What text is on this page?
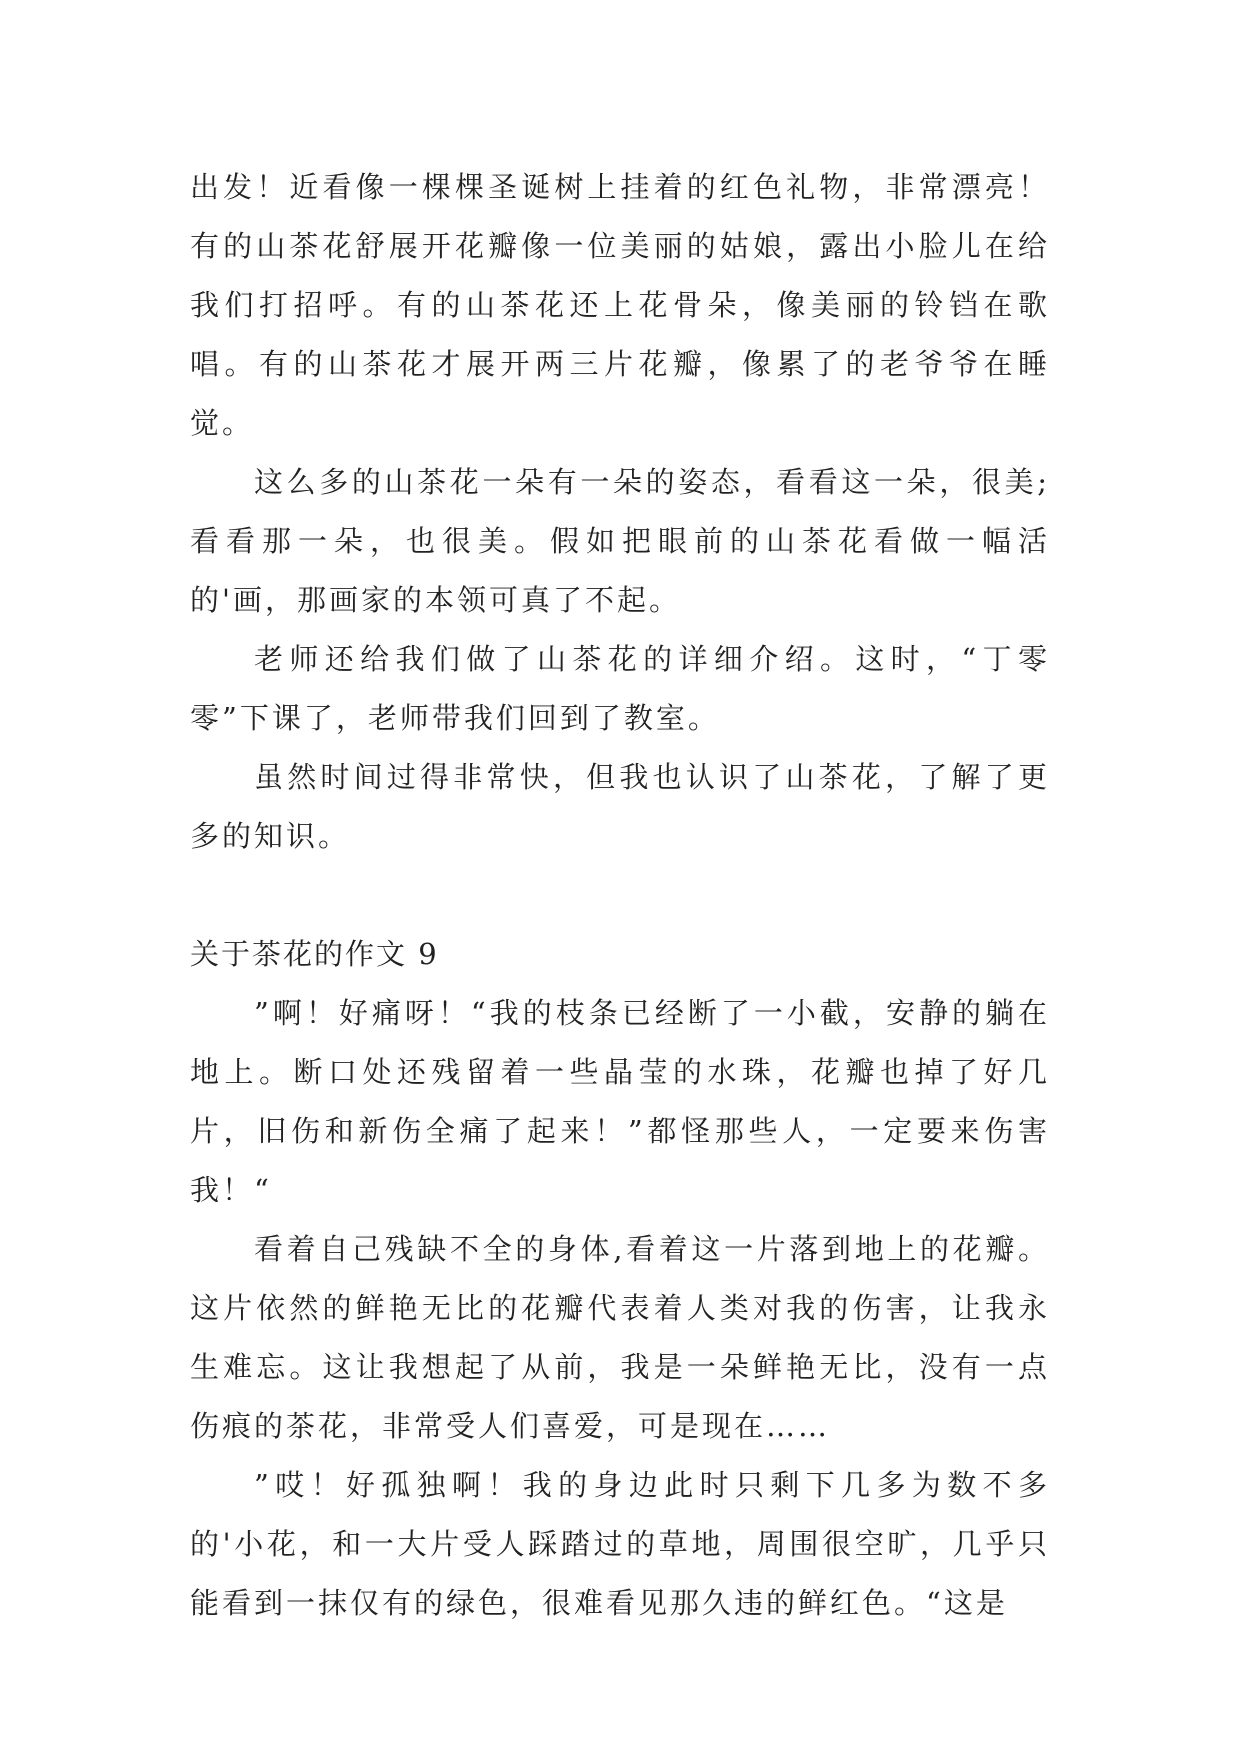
出发！近看像一棵棵圣诞树上挂着的红色礼物，非常漂亮！有的山茶花舒展开花瓣像一位美丽的姑娘，露出小脸儿在给我们打招呼。有的山茶花还上花骨朵，像美丽的铃铛在歌唱。有的山茶花才展开两三片花瓣，像累了的老爷爷在睡觉。

这么多的山茶花一朵有一朵的姿态，看看这一朵，很美;看看那一朵，也很美。假如把眼前的山茶花看做一幅活的'画，那画家的本领可真了不起。

老师还给我们做了山茶花的详细介绍。这时，“丁零零”下课了，老师带我们回到了教室。

虽然时间过得非常快，但我也认识了山茶花，了解了更多的知识。

关于茶花的作文 9

”啊！好痛呀！“我的枝条已经断了一小截，安静的躺在地上。断口处还残留着一些晶莹的水珠，花瓣也掉了好几片，旧伤和新伤全痛了起来！”都怪那些人，一定要来伤害我！“

看着自己残缺不全的身体,看着这一片落到地上的花瓣。这片依然的鲜艳无比的花瓣代表着人类对我的伤害，让我永生难忘。这让我想起了从前，我是一朵鲜艳无比，没有一点伤痕的茶花，非常受人们喜爱，可是现在……

”哎！好孤独啊！我的身边此时只剩下几多为数不多的'小花，和一大片受人踩踏过的草地，周围很空旷，几乎只能看到一抹仅有的绿色，很难看见那久违的鲜红色。“这是
